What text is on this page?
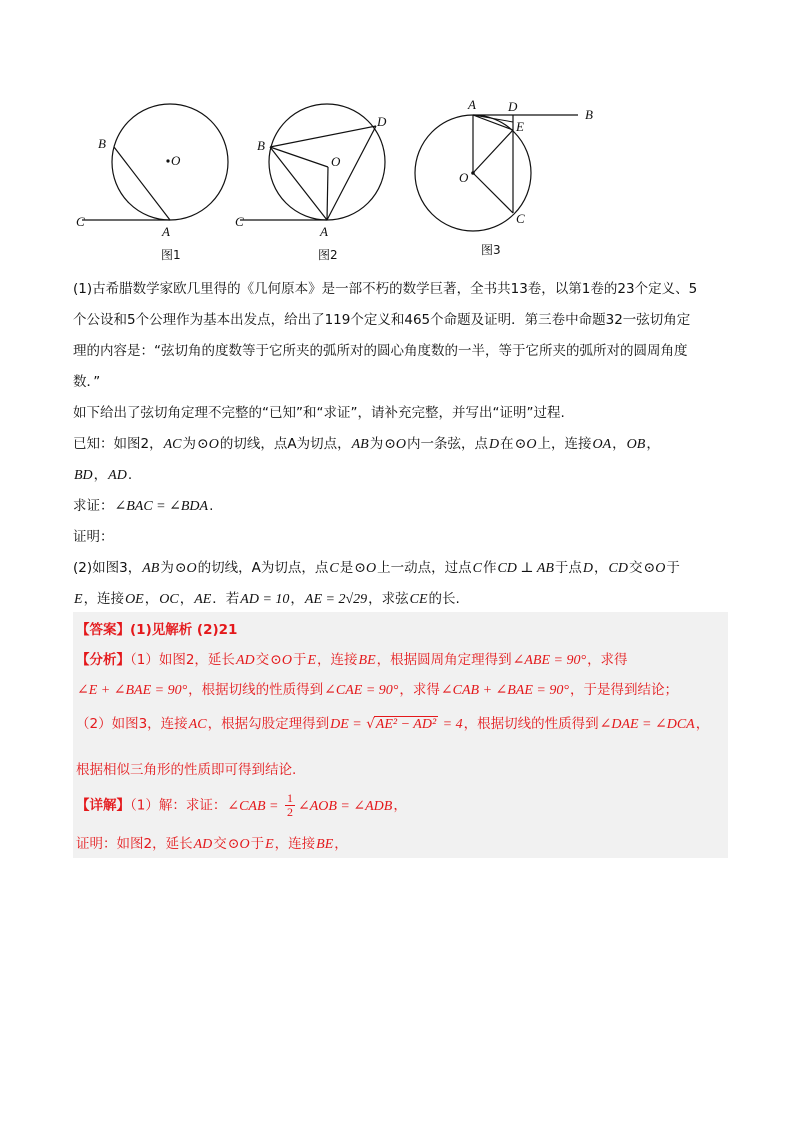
B
O
C
A
图1
B
O
C
A
D
图2
A D
B
E
O
C
图3

(1)古希腊数学家欧几里得的《几何原本》是一部不朽的数学巨著，全书共13卷，以第1卷的23个定义、5

个公设和5个公理作为基本出发点，给出了119个定义和465个命题及证明．第三卷中命题32一弦切角定

理的内容是：“弦切角的度数等于它所夹的弧所对的圆心角度数的一半，等于它所夹的弧所对的圆周角度

数．”

如下给出了弦切角定理不完整的“已知”和“求证”，请补充完整，并写出“证明”过程.

已知：如图2，AC为⊙O的切线，点A为切点，AB为⊙O内一条弦，点D在⊙O上，连接OA，OB，

BD，AD.

求证：∠BAC = ∠BDA.

证明：

(2)如图3，AB为⊙O的切线，A为切点，点C是⊙O上一动点，过点C作CD ⊥ AB于点D，CD交⊙O于

E，连接OE，OC，AE．若AD = 10，AE = 2√29，求弦CE的长.

【答案】(1)见解析 (2)21
【分析】（1）如图2，延长AD交⊙O于E，连接BE，根据圆周角定理得到∠ABE = 90°，求得
∠E + ∠BAE = 90°，根据切线的性质得到∠CAE = 90°，求得∠CAB + ∠BAE = 90°，于是得到结论；
（2）如图3，连接AC，根据勾股定理得到DE = √AE² − AD² = 4，根据切线的性质得到∠DAE = ∠DCA，
根据相似三角形的性质即可得到结论.
【详解】（1）解：求证：∠CAB = $\frac{1}{2}$ ∠AOB = ∠ADB，
证明：如图2，延长AD交⊙O于E，连接BE，
